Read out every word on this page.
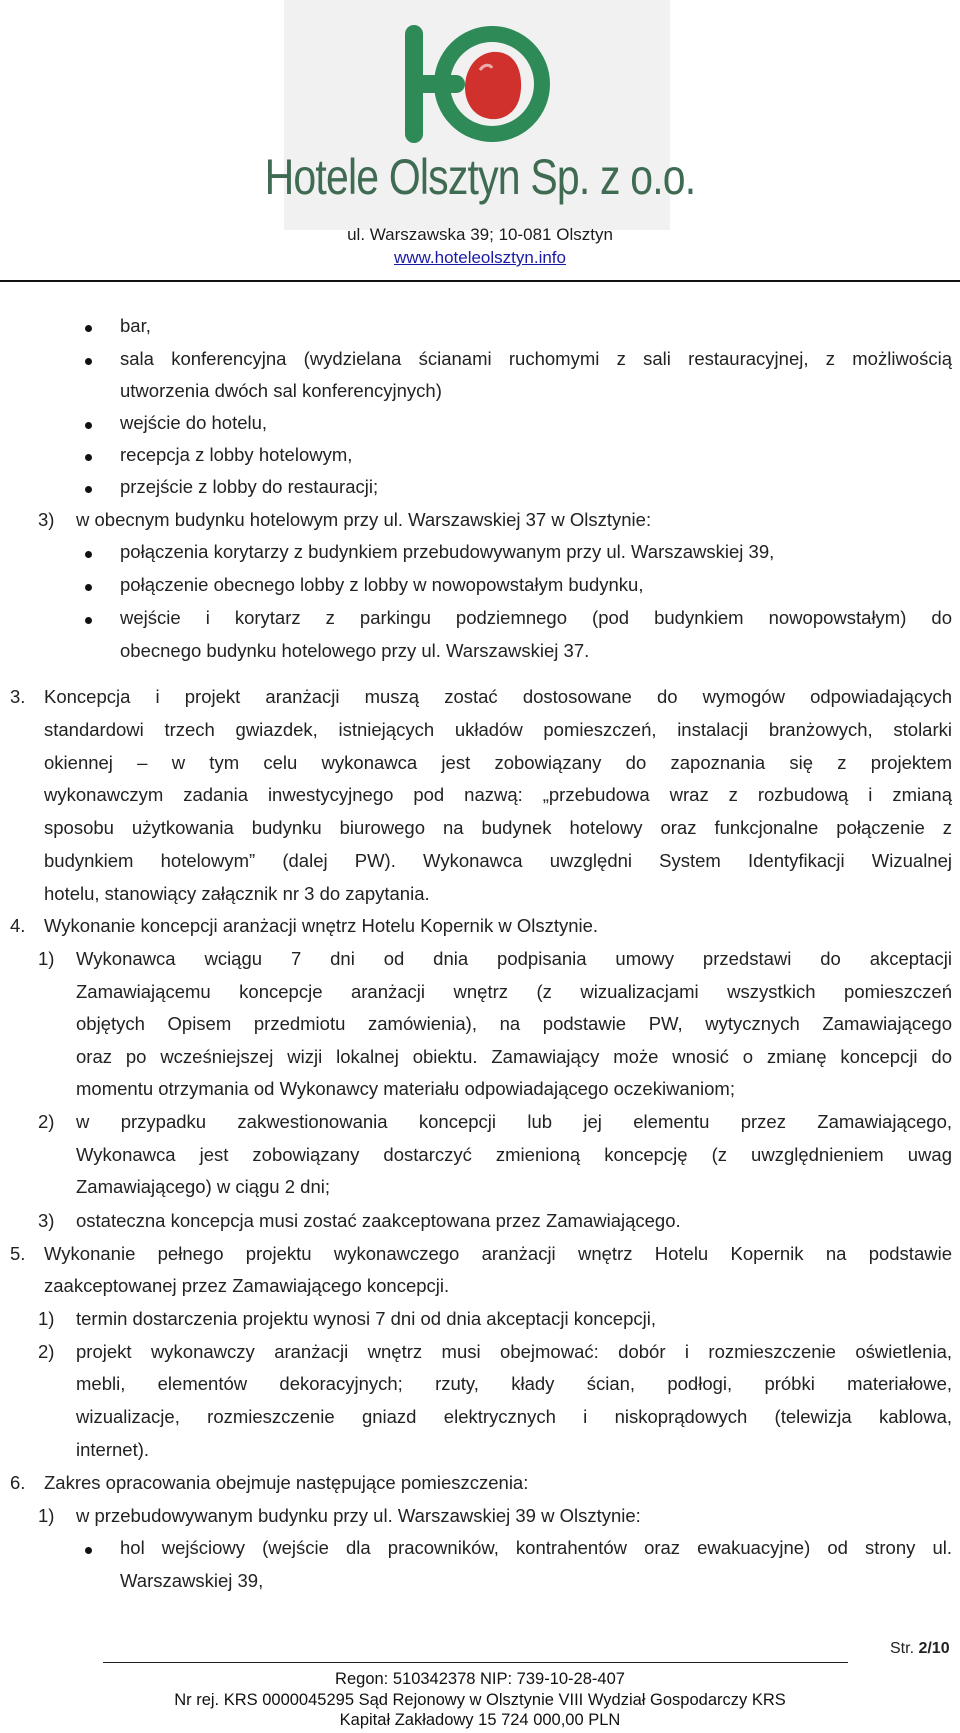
Hotele Olsztyn Sp. z o.o.
ul. Warszawska 39; 10-081 Olsztyn
www.hoteleolsztyn.info
bar,
sala konferencyjna (wydzielana ścianami ruchomymi z sali restauracyjnej, z możliwością
utworzenia dwóch sal konferencyjnych)
wejście do hotelu,
recepcja z lobby hotelowym,
przejście z lobby do restauracji;
3) w obecnym budynku hotelowym przy ul. Warszawskiej 37 w Olsztynie:
połączenia korytarzy z budynkiem przebudowywanym przy ul. Warszawskiej 39,
połączenie obecnego lobby z lobby w nowopowstałym budynku,
wejście i korytarz z parkingu podziemnego (pod budynkiem nowopowstałym) do
obecnego budynku hotelowego przy ul. Warszawskiej 37.
3. Koncepcja i projekt aranżacji muszą zostać dostosowane do wymogów odpowiadających
standardowi trzech gwiazdek, istniejących układów pomieszczeń, instalacji branżowych, stolarki
okiennej – w tym celu wykonawca jest zobowiązany do zapoznania się z projektem
wykonawczym zadania inwestycyjnego pod nazwą: „przebudowa wraz z rozbudową i zmianą
sposobu użytkowania budynku biurowego na budynek hotelowy oraz funkcjonalne połączenie z
budynkiem hotelowym” (dalej PW). Wykonawca uwzględni System Identyfikacji Wizualnej
hotelu, stanowiący załącznik nr 3 do zapytania.
4. Wykonanie koncepcji aranżacji wnętrz Hotelu Kopernik w Olsztynie.
1) Wykonawca wciągu 7 dni od dnia podpisania umowy przedstawi do akceptacji
Zamawiającemu koncepcje aranżacji wnętrz (z wizualizacjami wszystkich pomieszczeń
objętych Opisem przedmiotu zamówienia), na podstawie PW, wytycznych Zamawiającego
oraz po wcześniejszej wizji lokalnej obiektu. Zamawiający może wnosić o zmianę koncepcji do
momentu otrzymania od Wykonawcy materiału odpowiadającego oczekiwaniom;
2) w przypadku zakwestionowania koncepcji lub jej elementu przez Zamawiającego,
Wykonawca jest zobowiązany dostarczyć zmienioną koncepcję (z uwzględnieniem uwag
Zamawiającego) w ciągu 2 dni;
3) ostateczna koncepcja musi zostać zaakceptowana przez Zamawiającego.
5. Wykonanie pełnego projektu wykonawczego aranżacji wnętrz Hotelu Kopernik na podstawie
zaakceptowanej przez Zamawiającego koncepcji.
1) termin dostarczenia projektu wynosi 7 dni od dnia akceptacji koncepcji,
2) projekt wykonawczy aranżacji wnętrz musi obejmować: dobór i rozmieszczenie oświetlenia,
mebli, elementów dekoracyjnych; rzuty, kłady ścian, podłogi, próbki materiałowe,
wizualizacje, rozmieszczenie gniazd elektrycznych i niskoprądowych (telewizja kablowa,
internet).
6. Zakres opracowania obejmuje następujące pomieszczenia:
1) w przebudowywanym budynku przy ul. Warszawskiej 39 w Olsztynie:
hol wejściowy (wejście dla pracowników, kontrahentów oraz ewakuacyjne) od strony ul.
Warszawskiej 39,
Str. 2/10
Regon: 510342378 NIP: 739-10-28-407
Nr rej. KRS 0000045295 Sąd Rejonowy w Olsztynie VIII Wydział Gospodarczy KRS
Kapitał Zakładowy 15 724 000,00 PLN
